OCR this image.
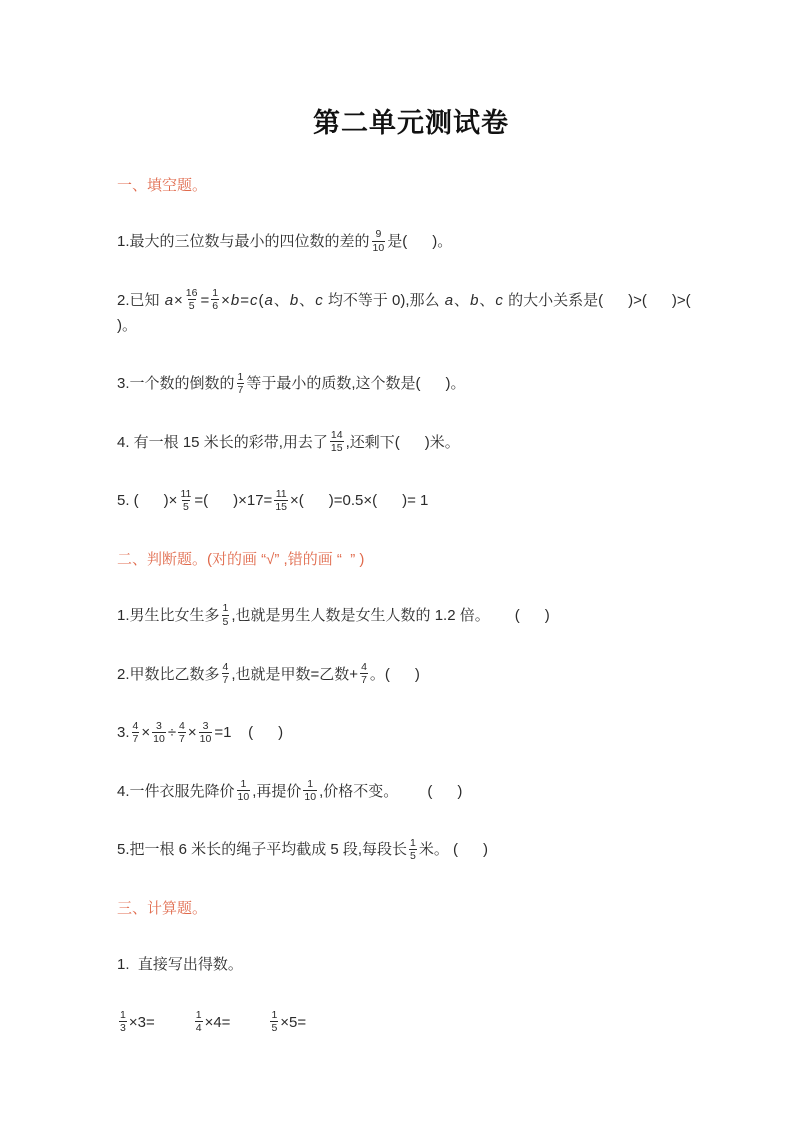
第二单元测试卷
一、填空题。
1.最大的三位数与最小的四位数的差的 $\frac{9}{10}$ 是(      )。
2.已知 $a\times \frac{16}{5} = \frac{1}{6} \times b=c(a$、b、c 均不等于 0),那么 a、b、c 的大小关系是(      )>(      )>(      )。
3.一个数的倒数的 $\frac{1}{7}$ 等于最小的质数,这个数是(      )。
4. 有一根 15 米长的彩带,用去了 $\frac{14}{15}$ ,还剩下(      )米。
5. (      )× $\frac{11}{5}$ =(      )$\times 17= \frac{11}{15}$ ×(      )=0.5×(      )= 1
二、判断题。(对的画 “√” ,错的画 “  ” )
1.男生比女生多 $\frac{1}{5}$ ,也就是男生人数是女生人数的 1.2 倍。      (      )
2.甲数比乙数多 $\frac{4}{7}$ ,也就是甲数=乙数+ $\frac{4}{7}$ 。(      )
3. $\frac{4}{7} \times \frac{3}{10} \div \frac{4}{7} \times \frac{3}{10} =1$    (      )
4.一件衣服先降价 $\frac{1}{10}$ ,再提价 $\frac{1}{10}$ ,价格不变。       (      )
5.把一根 6 米长的绳子平均截成 5 段,每段长 $\frac{1}{5}$ 米。 (      )
三、计算题。
1.  直接写出得数。
$\frac{1}{3} \times 3=$	$\frac{1}{4} \times 4=$	$\frac{1}{5} \times 5=$
